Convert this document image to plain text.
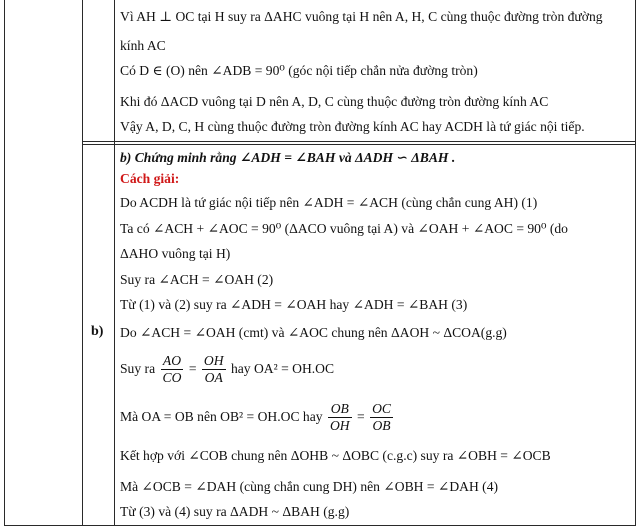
Vì AH ⊥ OC tại H suy ra ΔAHC vuông tại H nên A, H, C cùng thuộc đường tròn đường
kính AC
Có D ∈ (O) nên ∠ADB = 90⁰ (góc nội tiếp chắn nửa đường tròn)
Khi đó ΔACD vuông tại D nên A, D, C cùng thuộc đường tròn đường kính AC
Vậy A, D, C, H cùng thuộc đường tròn đường kính AC hay ACDH là tứ giác nội tiếp.
b)
b) Chứng minh rằng ∠ADH = ∠BAH và ΔADH ∽ ΔBAH .
Cách giải:
Do ACDH là tứ giác nội tiếp nên ∠ADH = ∠ACH (cùng chắn cung AH) (1)
Ta có ∠ACH + ∠AOC = 90⁰ (ΔACO vuông tại A) và ∠OAH + ∠AOC = 90⁰ (do
ΔAHO vuông tại H)
Suy ra ∠ACH = ∠OAH (2)
Từ (1) và (2) suy ra ∠ADH = ∠OAH hay ∠ADH = ∠BAH (3)
Do ∠ACH = ∠OAH (cmt) và ∠AOC chung nên ΔAOH ~ ΔCOA(g.g)
Suy ra $\frac{AO}{CO} = \frac{OH}{OA}$ hay OA² = OH.OC
Mà OA = OB nên OB² = OH.OC hay $\frac{OB}{OH} = \frac{OC}{OB}$
Kết hợp với ∠COB chung nên ΔOHB ~ ΔOBC (c.g.c) suy ra ∠OBH = ∠OCB
Mà ∠OCB = ∠DAH (cùng chắn cung DH) nên ∠OBH = ∠DAH (4)
Từ (3) và (4) suy ra ΔADH ~ ΔBAH (g.g)
